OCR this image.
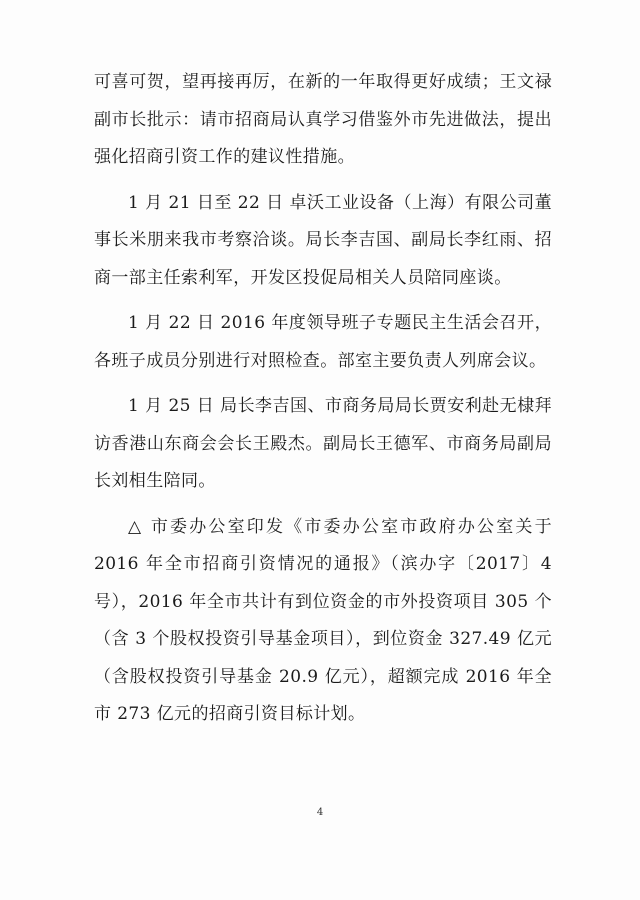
可喜可贺，望再接再厉，在新的一年取得更好成绩；王文禄副市长批示：请市招商局认真学习借鉴外市先进做法，提出强化招商引资工作的建议性措施。

1 月 21 日至 22 日 卓沃工业设备（上海）有限公司董事长米朋来我市考察洽谈。局长李吉国、副局长李红雨、招商一部主任索利军，开发区投促局相关人员陪同座谈。

1 月 22 日 2016 年度领导班子专题民主生活会召开，各班子成员分别进行对照检查。部室主要负责人列席会议。

1 月 25 日 局长李吉国、市商务局局长贾安利赴无棣拜访香港山东商会会长王殿杰。副局长王德军、市商务局副局长刘相生陪同。

△ 市委办公室印发《市委办公室市政府办公室关于 2016 年全市招商引资情况的通报》（滨办字〔2017〕4 号），2016 年全市共计有到位资金的市外投资项目 305 个（含 3 个股权投资引导基金项目），到位资金 327.49 亿元（含股权投资引导基金 20.9 亿元），超额完成 2016 年全市 273 亿元的招商引资目标计划。

4
